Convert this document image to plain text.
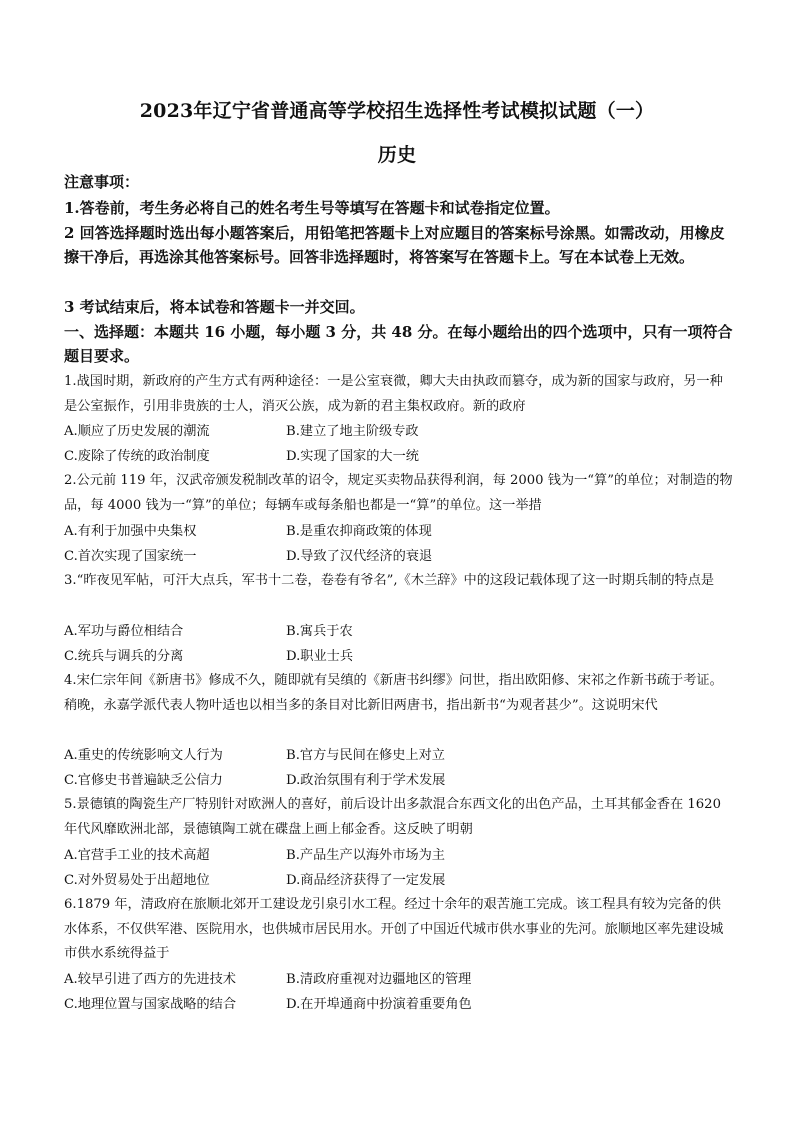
2023年辽宁省普通高等学校招生选择性考试模拟试题（一）
历史
注意事项：
1.答卷前，考生务必将自己的姓名考生号等填写在答题卡和试卷指定位置。
2 回答选择题时选出每小题答案后，用铅笔把答题卡上对应题目的答案标号涂黑。如需改动，用橡皮擦干净后，再选涂其他答案标号。回答非选择题时，将答案写在答题卡上。写在本试卷上无效。
3 考试结束后，将本试卷和答题卡一并交回。
一、选择题：本题共 16 小题，每小题 3 分，共 48 分。在每小题给出的四个选项中，只有一项符合题目要求。
1.战国时期，新政府的产生方式有两种途径：一是公室衰微，卿大夫由执政而篡夺，成为新的国家与政府，另一种是公室振作，引用非贵族的士人，消灭公族，成为新的君主集权政府。新的政府
A.顺应了历史发展的潮流	B.建立了地主阶级专政
C.废除了传统的政治制度	D.实现了国家的大一统
2.公元前 119 年，汉武帝颁发税制改革的诏令，规定买卖物品获得利润，每 2000 钱为一“算”的单位；对制造的物品，每 4000 钱为一“算”的单位；每辆车或每条船也都是一“算”的单位。这一举措
A.有利于加强中央集权	B.是重农抑商政策的体现
C.首次实现了国家统一	D.导致了汉代经济的衰退
3.“昨夜见军帖，可汗大点兵，军书十二卷，卷卷有爷名”,《木兰辞》中的这段记载体现了这一时期兵制的特点是
A.军功与爵位相结合	B.寓兵于农
C.统兵与调兵的分离	D.职业士兵
4.宋仁宗年间《新唐书》修成不久，随即就有吴缜的《新唐书纠缪》问世，指出欧阳修、宋祁之作新书疏于考证。稍晚，永嘉学派代表人物叶适也以相当多的条目对比新旧两唐书，指出新书“为观者甚少”。这说明宋代
A.重史的传统影响文人行为	B.官方与民间在修史上对立
C.官修史书普遍缺乏公信力	D.政治氛围有利于学术发展
5.景德镇的陶瓷生产厂特别针对欧洲人的喜好，前后设计出多款混合东西文化的出色产品，土耳其郁金香在 1620 年代风靡欧洲北部，景德镇陶工就在碟盘上画上郁金香。这反映了明朝
A.官营手工业的技术高超	B.产品生产以海外市场为主
C.对外贸易处于出超地位	D.商品经济获得了一定发展
6.1879 年，清政府在旅顺北郊开工建设龙引泉引水工程。经过十余年的艰苦施工完成。该工程具有较为完备的供水体系，不仅供军港、医院用水，也供城市居民用水。开创了中国近代城市供水事业的先河。旅顺地区率先建设城市供水系统得益于
A.较早引进了西方的先进技术	B.清政府重视对边疆地区的管理
C.地理位置与国家战略的结合	D.在开埠通商中扮演着重要角色
